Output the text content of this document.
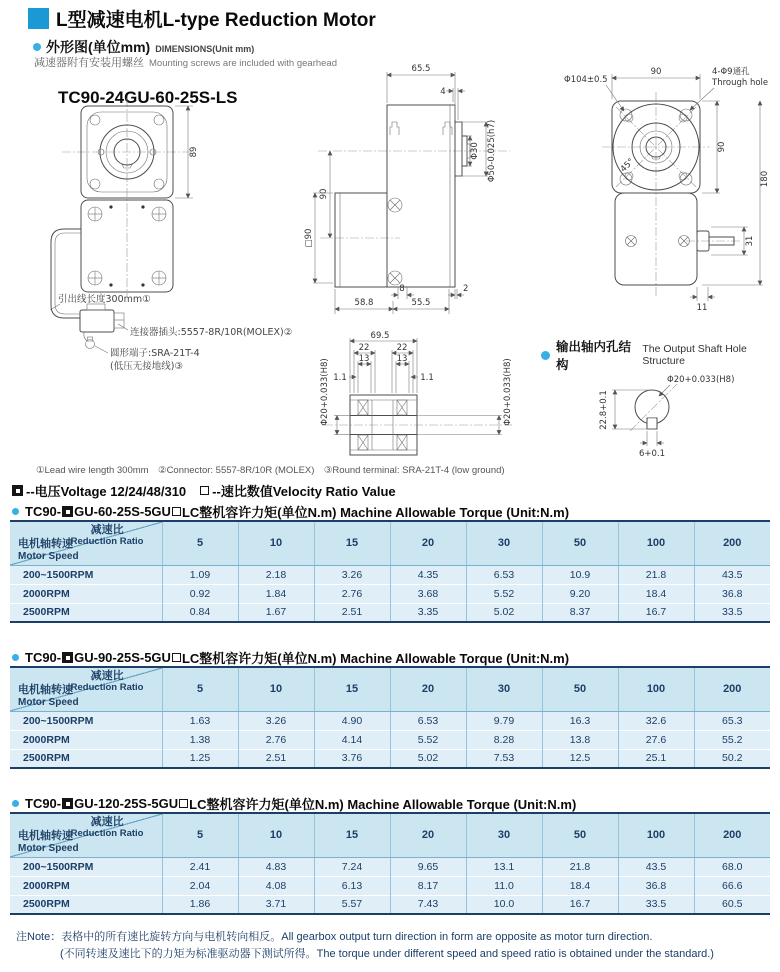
L型减速电机L-type Reduction Motor
外形图(单位mm) DIMENSIONS(Unit mm)
减速器附有安装用螺丝 Mounting screws are included with gearhead
TC90-24GU-60-25S-LS
89
引出线长度300mm①
连接器插头:5557-8R/10R(MOLEX)②
圆形端子:SRA-21T-4
(低压无接地线)③
65.5
4
Φ30 Φ50-0.025(h7)
90
□90
8	2
58.8	55.5
45°
31
90
Φ104±0.5
4-Φ9通孔
Through hole
90
180
11
69.5
22	22
13	13
1.1	1.1
Φ20+0.033(H8)	Φ20+0.033(H8)
输出轴内孔结构
The Output Shaft Hole Structure
Φ20+0.033(H8)
22.8+0.1
6+0.1
①Lead wire length 300mm　②Connector: 5557-8R/10R (MOLEX)　③Round terminal: SRA-21T-4 (low ground)
--电压Voltage 12/24/48/310 --速比数值Velocity Ratio Value
TC90- GU-60-25S-5GU LC整机容许力矩(单位N.m) Machine Allowable Torque (Unit:N.m)
减速比
Reduction Ratio
电机轴转速
Motor Speed	5	10	15	20	30	50	100	200
200~1500RPM	1.09	2.18	3.26	4.35	6.53	10.9	21.8	43.5
2000RPM	0.92	1.84	2.76	3.68	5.52	9.20	18.4	36.8
2500RPM	0.84	1.67	2.51	3.35	5.02	8.37	16.7	33.5
TC90- GU-90-25S-5GU LC整机容许力矩(单位N.m) Machine Allowable Torque (Unit:N.m)
减速比
Reduction Ratio
电机轴转速
Motor Speed	5	10	15	20	30	50	100	200
200~1500RPM	1.63	3.26	4.90	6.53	9.79	16.3	32.6	65.3
2000RPM	1.38	2.76	4.14	5.52	8.28	13.8	27.6	55.2
2500RPM	1.25	2.51	3.76	5.02	7.53	12.5	25.1	50.2
TC90- GU-120-25S-5GU LC整机容许力矩(单位N.m) Machine Allowable Torque (Unit:N.m)
减速比
Reduction Ratio
电机轴转速
Motor Speed	5	10	15	20	30	50	100	200
200~1500RPM	2.41	4.83	7.24	9.65	13.1	21.8	43.5	68.0
2000RPM	2.04	4.08	6.13	8.17	11.0	18.4	36.8	66.6
2500RPM	1.86	3.71	5.57	7.43	10.0	16.7	33.5	60.5
注Note：表格中的所有速比旋转方向与电机转向相反。All gearbox output turn direction in form are opposite as motor turn direction.
(不同转速及速比下的力矩为标准驱动器下测试所得。The torque under different speed and speed ratio is obtained under the standard.)
